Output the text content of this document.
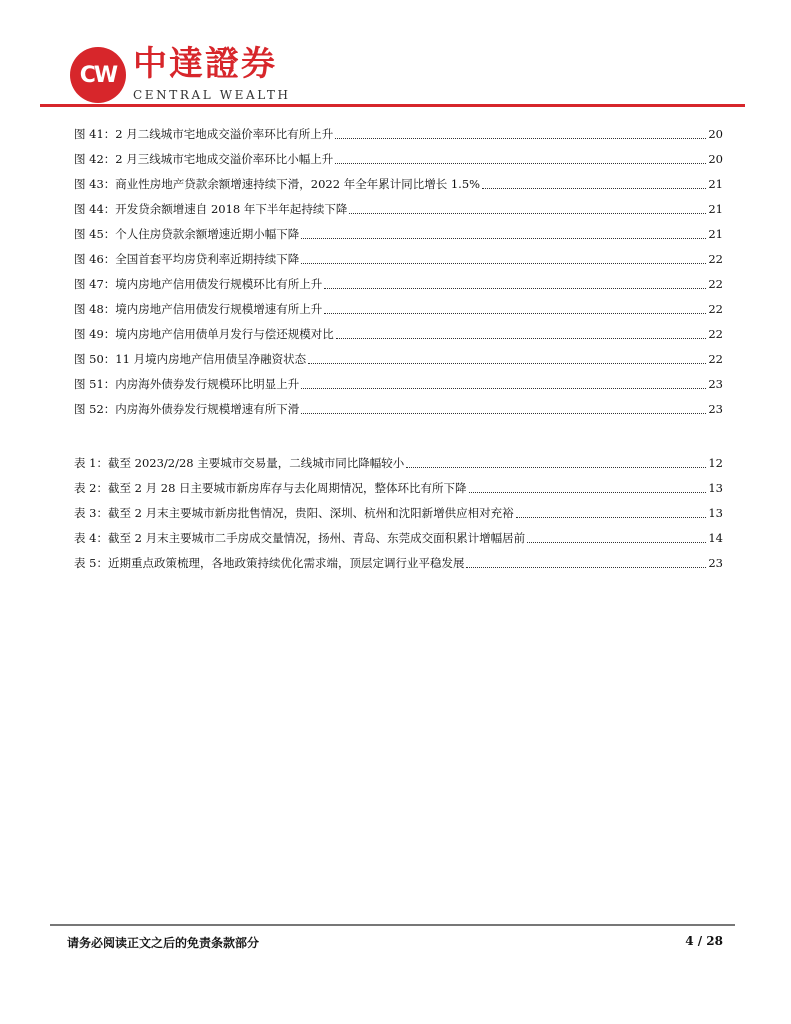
CW 中達證券
CENTRAL WEALTH
图 41：2 月二线城市宅地成交溢价率环比有所上升	20
图 42：2 月三线城市宅地成交溢价率环比小幅上升	20
图 43：商业性房地产贷款余额增速持续下滑，2022 年全年累计同比增长 1.5%	21
图 44：开发贷余额增速自 2018 年下半年起持续下降	21
图 45：个人住房贷款余额增速近期小幅下降	21
图 46：全国首套平均房贷利率近期持续下降	22
图 47：境内房地产信用债发行规模环比有所上升	22
图 48：境内房地产信用债发行规模增速有所上升	22
图 49：境内房地产信用债单月发行与偿还规模对比	22
图 50：11 月境内房地产信用债呈净融资状态	22
图 51：内房海外债券发行规模环比明显上升	23
图 52：内房海外债券发行规模增速有所下滑	23
表 1：截至 2023/2/28 主要城市交易量，二线城市同比降幅较小	12
表 2：截至 2 月 28 日主要城市新房库存与去化周期情况，整体环比有所下降	13
表 3：截至 2 月末主要城市新房批售情况，贵阳、深圳、杭州和沈阳新增供应相对充裕	13
表 4：截至 2 月末主要城市二手房成交量情况，扬州、青岛、东莞成交面积累计增幅居前	14
表 5：近期重点政策梳理，各地政策持续优化需求端，顶层定调行业平稳发展	23
请务必阅读正文之后的免责条款部分	4 / 28
